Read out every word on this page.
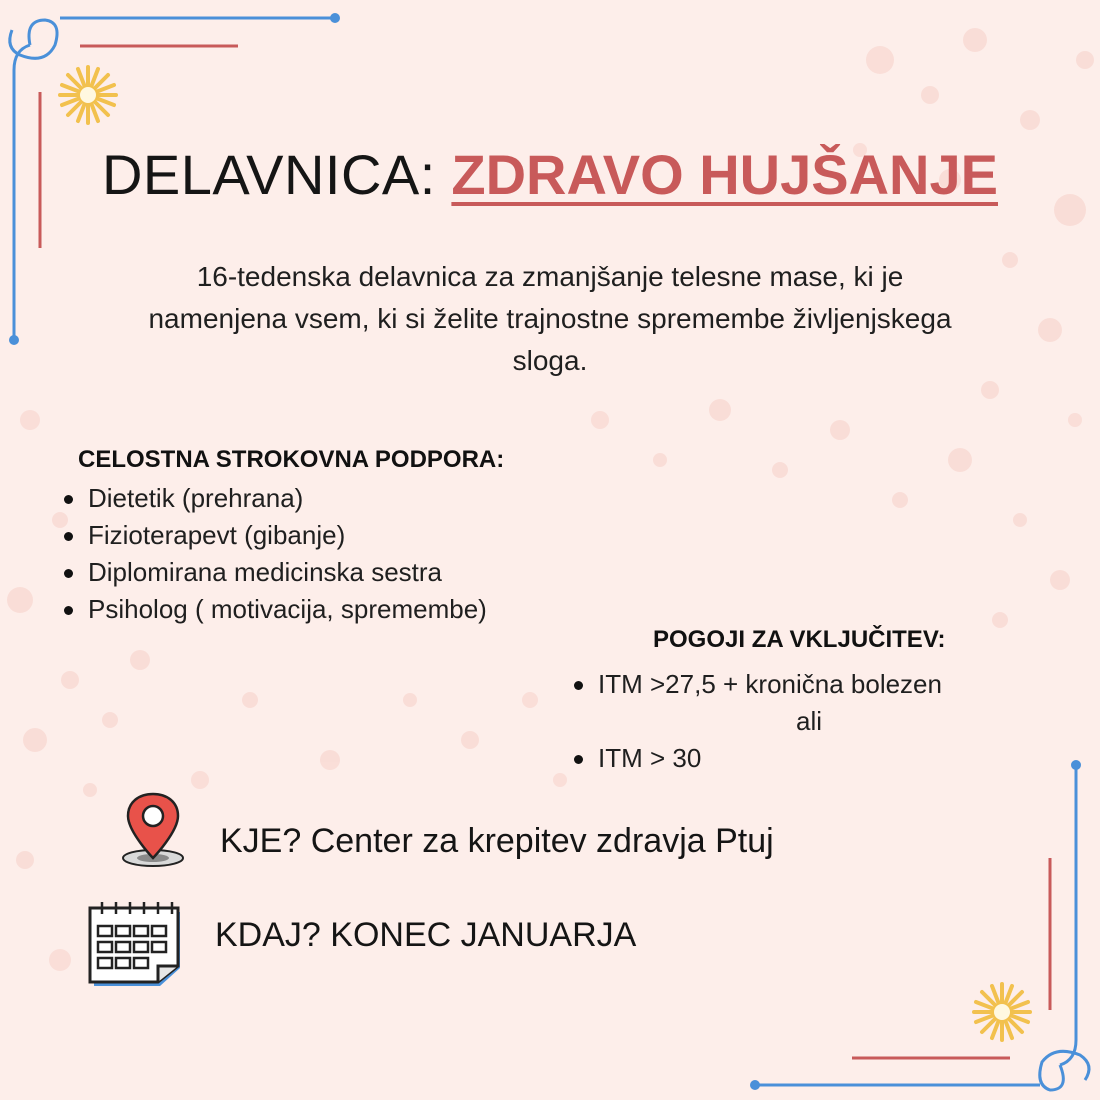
DELAVNICA: ZDRAVO HUJŠANJE
16-tedenska delavnica za zmanjšanje telesne mase, ki je namenjena vsem, ki si želite trajnostne spremembe življenjskega sloga.
CELOSTNA STROKOVNA PODPORA:
Dietetik (prehrana)
Fizioterapevt (gibanje)
Diplomirana medicinska sestra
Psiholog ( motivacija, spremembe)
POGOJI ZA VKLJUČITEV:
ITM >27,5 + kronična bolezen
ali
ITM > 30
KJE? Center za krepitev zdravja Ptuj
KDAJ? KONEC JANUARJA
